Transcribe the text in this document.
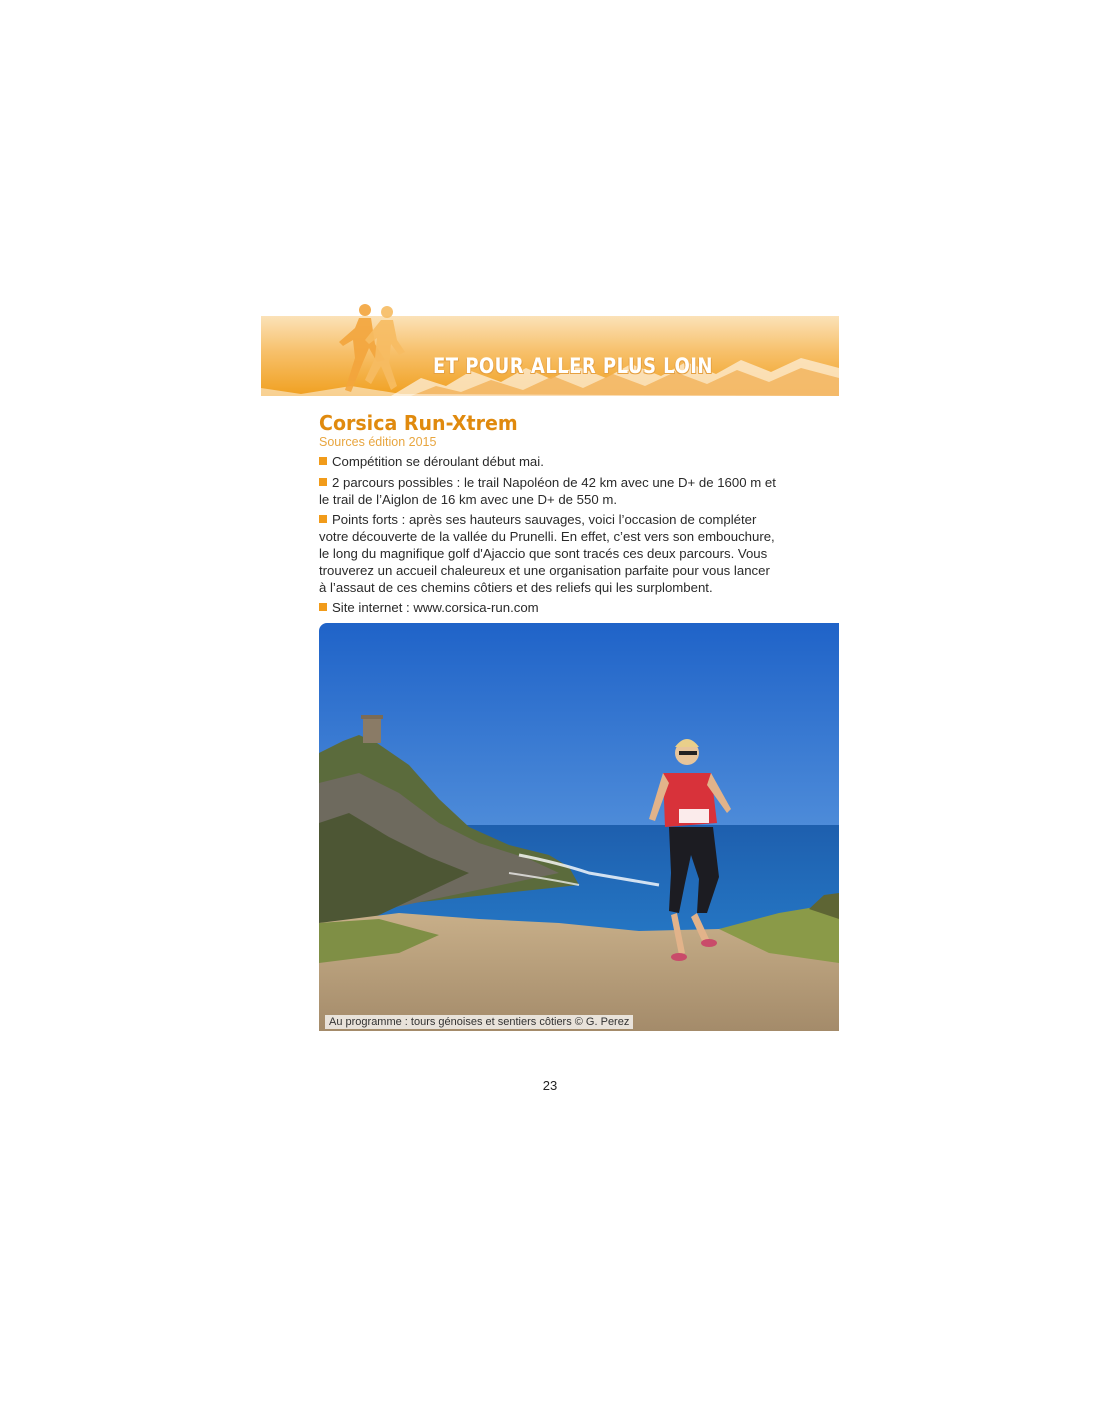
ET POUR ALLER PLUS LOIN
Corsica Run-Xtrem
Sources édition 2015
Compétition se déroulant début mai.
2 parcours possibles : le trail Napoléon de 42 km avec une D+ de 1600 m et le trail de l’Aiglon de 16 km avec une D+ de 550 m.
Points forts : après ses hauteurs sauvages, voici l’occasion de compléter votre découverte de la vallée du Prunelli. En effet, c’est vers son embouchure, le long du magnifique golf d'Ajaccio que sont tracés ces deux parcours. Vous trouverez un accueil chaleureux et une organisation parfaite pour vous lancer à l’assaut de ces chemins côtiers et des reliefs qui les surplombent.
Site internet : www.corsica-run.com
Au programme : tours génoises et sentiers côtiers © G. Perez
23
